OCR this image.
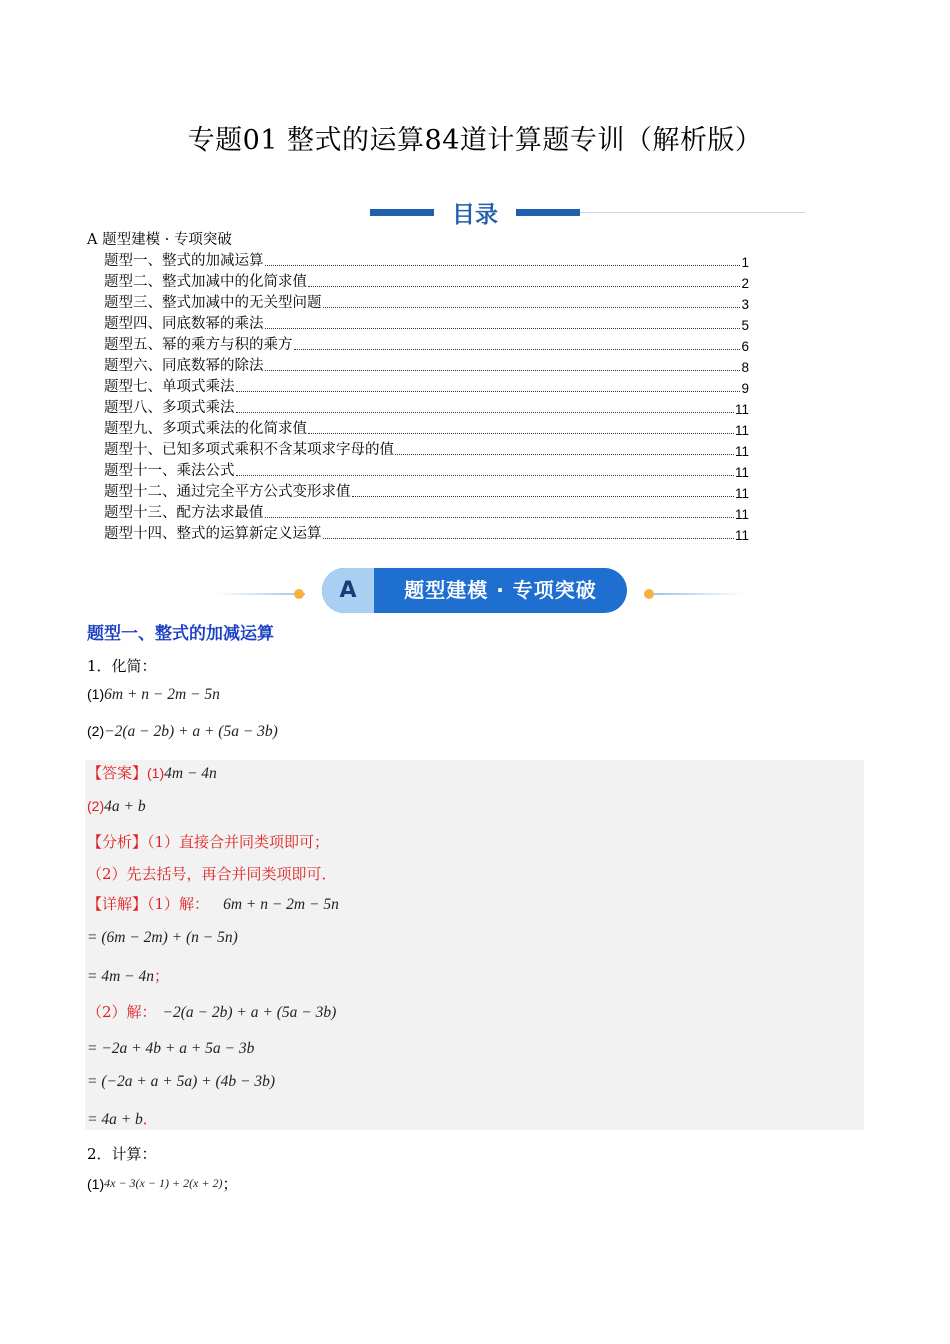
专题01 整式的运算84道计算题专训（解析版）
目录
A 题型建模 · 专项突破
题型一、整式的加减运算	1
题型二、整式加减中的化简求值	2
题型三、整式加减中的无关型问题	3
题型四、同底数幂的乘法	5
题型五、幂的乘方与积的乘方	6
题型六、同底数幂的除法	8
题型七、单项式乘法	9
题型八、多项式乘法	11
题型九、多项式乘法的化简求值	11
题型十、已知多项式乘积不含某项求字母的值	11
题型十一、乘法公式	11
题型十二、通过完全平方公式变形求值	11
题型十三、配方法求最值	11
题型十四、整式的运算新定义运算	11
A	题型建模 · 专项突破
题型一、整式的加减运算
1．化简：
(1)6m + n − 2m − 5n
(2)−2(a − 2b) + a + (5a − 3b)
【答案】(1)4m − 4n
(2)4a + b
【分析】（1）直接合并同类项即可；
（2）先去括号，再合并同类项即可．
【详解】（1）解： 6m + n − 2m − 5n
= (6m − 2m) + (n − 5n)
= 4m − 4n；
（2）解： −2(a − 2b) + a + (5a − 3b)
= −2a + 4b + a + 5a − 3b
= (−2a + a + 5a) + (4b − 3b)
= 4a + b．
2．计算：
(1)4x − 3(x − 1) + 2(x + 2)；
